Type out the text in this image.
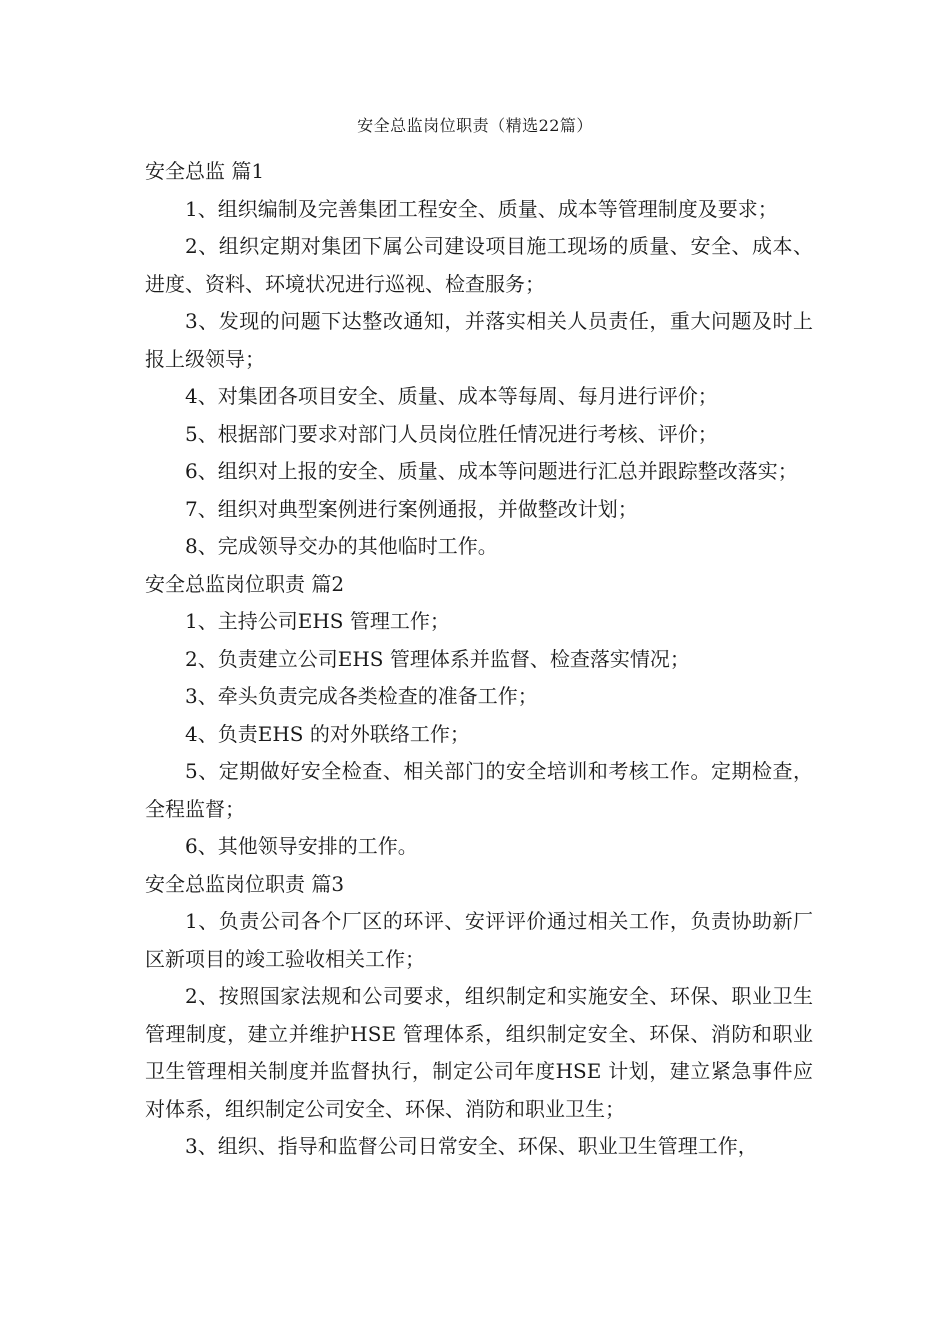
安全总监岗位职责（精选22篇）
安全总监 篇1

1、组织编制及完善集团工程安全、质量、成本等管理制度及要求；

2、组织定期对集团下属公司建设项目施工现场的质量、安全、成本、进度、资料、环境状况进行巡视、检查服务；

3、发现的问题下达整改通知，并落实相关人员责任，重大问题及时上报上级领导；

4、对集团各项目安全、质量、成本等每周、每月进行评价；

5、根据部门要求对部门人员岗位胜任情况进行考核、评价；

6、组织对上报的安全、质量、成本等问题进行汇总并跟踪整改落实；

7、组织对典型案例进行案例通报，并做整改计划；

8、完成领导交办的其他临时工作。

安全总监岗位职责 篇2

1、主持公司EHS 管理工作；

2、负责建立公司EHS 管理体系并监督、检查落实情况；

3、牵头负责完成各类检查的准备工作；

4、负责EHS 的对外联络工作；

5、定期做好安全检查、相关部门的安全培训和考核工作。定期检查，全程监督；

6、其他领导安排的工作。

安全总监岗位职责 篇3

1、负责公司各个厂区的环评、安评评价通过相关工作，负责协助新厂区新项目的竣工验收相关工作；

2、按照国家法规和公司要求，组织制定和实施安全、环保、职业卫生管理制度，建立并维护HSE 管理体系，组织制定安全、环保、消防和职业卫生管理相关制度并监督执行，制定公司年度HSE 计划，建立紧急事件应对体系，组织制定公司安全、环保、消防和职业卫生；

3、组织、指导和监督公司日常安全、环保、职业卫生管理工作，
